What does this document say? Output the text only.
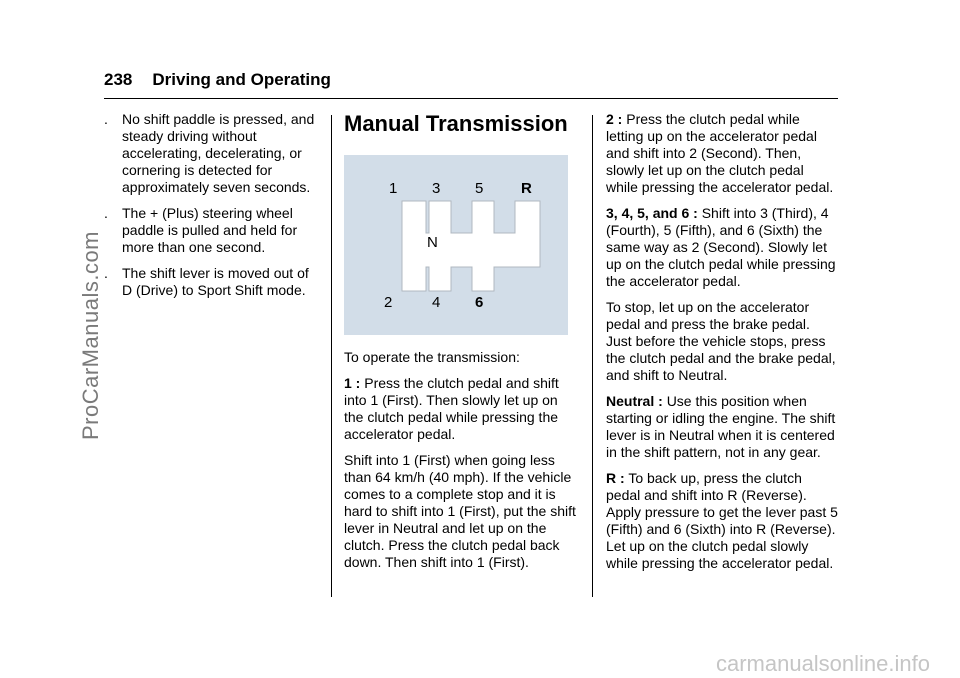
238 Driving and Operating
. No shift paddle is pressed, and steady driving without accelerating, decelerating, or cornering is detected for approximately seven seconds.
. The + (Plus) steering wheel paddle is pulled and held for more than one second.
. The shift lever is moved out of D (Drive) to Sport Shift mode.
Manual Transmission
1 3 5	R
N
2	4 6

To operate the transmission:

1 : Press the clutch pedal and shift into 1 (First). Then slowly let up on the clutch pedal while pressing the accelerator pedal.

Shift into 1 (First) when going less than 64 km/h (40 mph). If the vehicle comes to a complete stop and it is hard to shift into 1 (First), put the shift lever in Neutral and let up on the clutch. Press the clutch pedal back down. Then shift into 1 (First).

2 : Press the clutch pedal while letting up on the accelerator pedal and shift into 2 (Second). Then, slowly let up on the clutch pedal while pressing the accelerator pedal.

3, 4, 5, and 6 : Shift into 3 (Third), 4 (Fourth), 5 (Fifth), and 6 (Sixth) the same way as 2 (Second). Slowly let up on the clutch pedal while pressing the accelerator pedal.

To stop, let up on the accelerator pedal and press the brake pedal. Just before the vehicle stops, press the clutch pedal and the brake pedal, and shift to Neutral.

Neutral : Use this position when starting or idling the engine. The shift lever is in Neutral when it is centered in the shift pattern, not in any gear.

R : To back up, press the clutch pedal and shift into R (Reverse). Apply pressure to get the lever past 5 (Fifth) and 6 (Sixth) into R (Reverse). Let up on the clutch pedal slowly while pressing the accelerator pedal.

ProCarManuals.com
carmanualsonline.info
